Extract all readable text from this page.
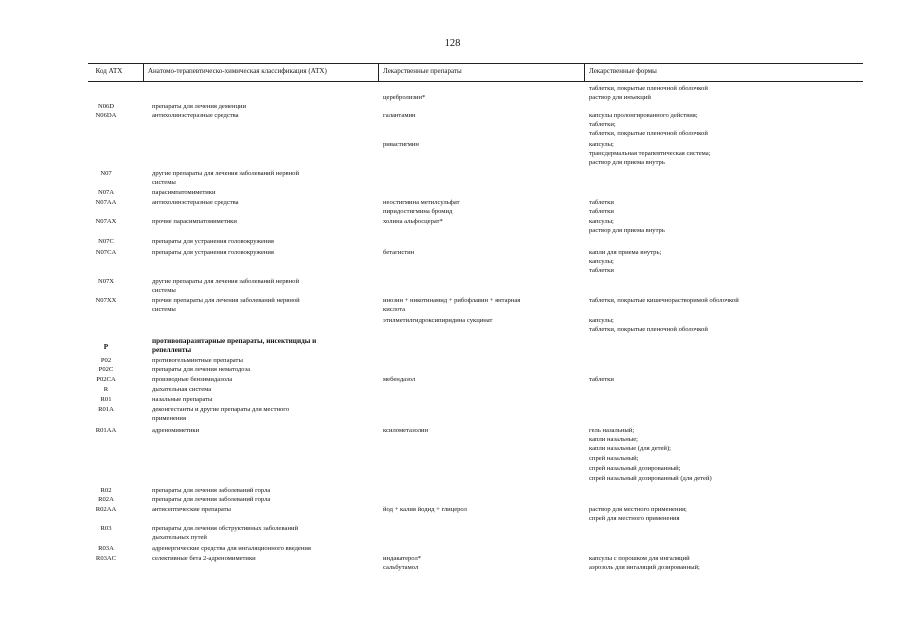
128
Код АТХ	Анатомо-терапевтическо-химическая классификация (АТХ)	Лекарственные препараты	Лекарственные формы
таблетки, покрытые пленочной оболочкой
церебролизин*	раствор для инъекций
N06D	препараты для лечения деменции
N06DA	антихолинэстеразные средства	галантамин	капсулы пролонгированного действия;
таблетки;
таблетки, покрытые пленочной оболочкой
ривастигмин	капсулы;
трансдермальная терапевтическая система;
раствор для приема внутрь
N07	другие препараты для лечения заболеваний нервной
системы
N07A	парасимпатомиметики
N07AA	антихолинэстеразные средства	неостигмина метилсульфат	таблетки
пиридостигмина бромид	таблетки
N07AX	прочие парасимпатомиметики	холина альфосцерат*	капсулы;
раствор для приема внутрь
N07C	препараты для устранения головокружения
N07CA	препараты для устранения головокружения	бетагистин	капли для приема внутрь;
капсулы;
таблетки
N07X	другие препараты для лечения заболеваний нервной
системы
N07XX	прочие препараты для лечения заболеваний нервной	инозин + никотинамид + рибофлавин + янтарная	таблетки, покрытые кишечнорастворимой оболочкой
системы	кислота
этилметилгидроксипиридина сукцинат	капсулы;
таблетки, покрытые пленочной оболочкой
противопаразитарные препараты, инсектициды и
P	репелленты
P02	противогельминтные препараты
P02C	препараты для лечения нематодоза
P02CA	производные бензимидазола	мебендазол	таблетки
R	дыхательная система
R01	назальные препараты
R01A	деконгестанты и другие препараты для местного
применения
R01AA	адреномиметики	ксилометазолин	гель назальный;
капли назальные;
капли назальные (для детей);
спрей назальный;
спрей назальный дозированный;
спрей назальный дозированный (для детей)
R02	препараты для лечения заболеваний горла
R02A	препараты для лечения заболеваний горла
R02AA	антисептические препараты	йод + калия йодид + глицерол	раствор для местного применения;
спрей для местного применения
R03	препараты для лечения обструктивных заболеваний
дыхательных путей
R03A	адренергические средства для ингаляционного введения
R03AC	селективные бета 2-адреномиметики	индакатерол*	капсулы с порошком для ингаляций
сальбутамол	аэрозоль для ингаляций дозированный;
